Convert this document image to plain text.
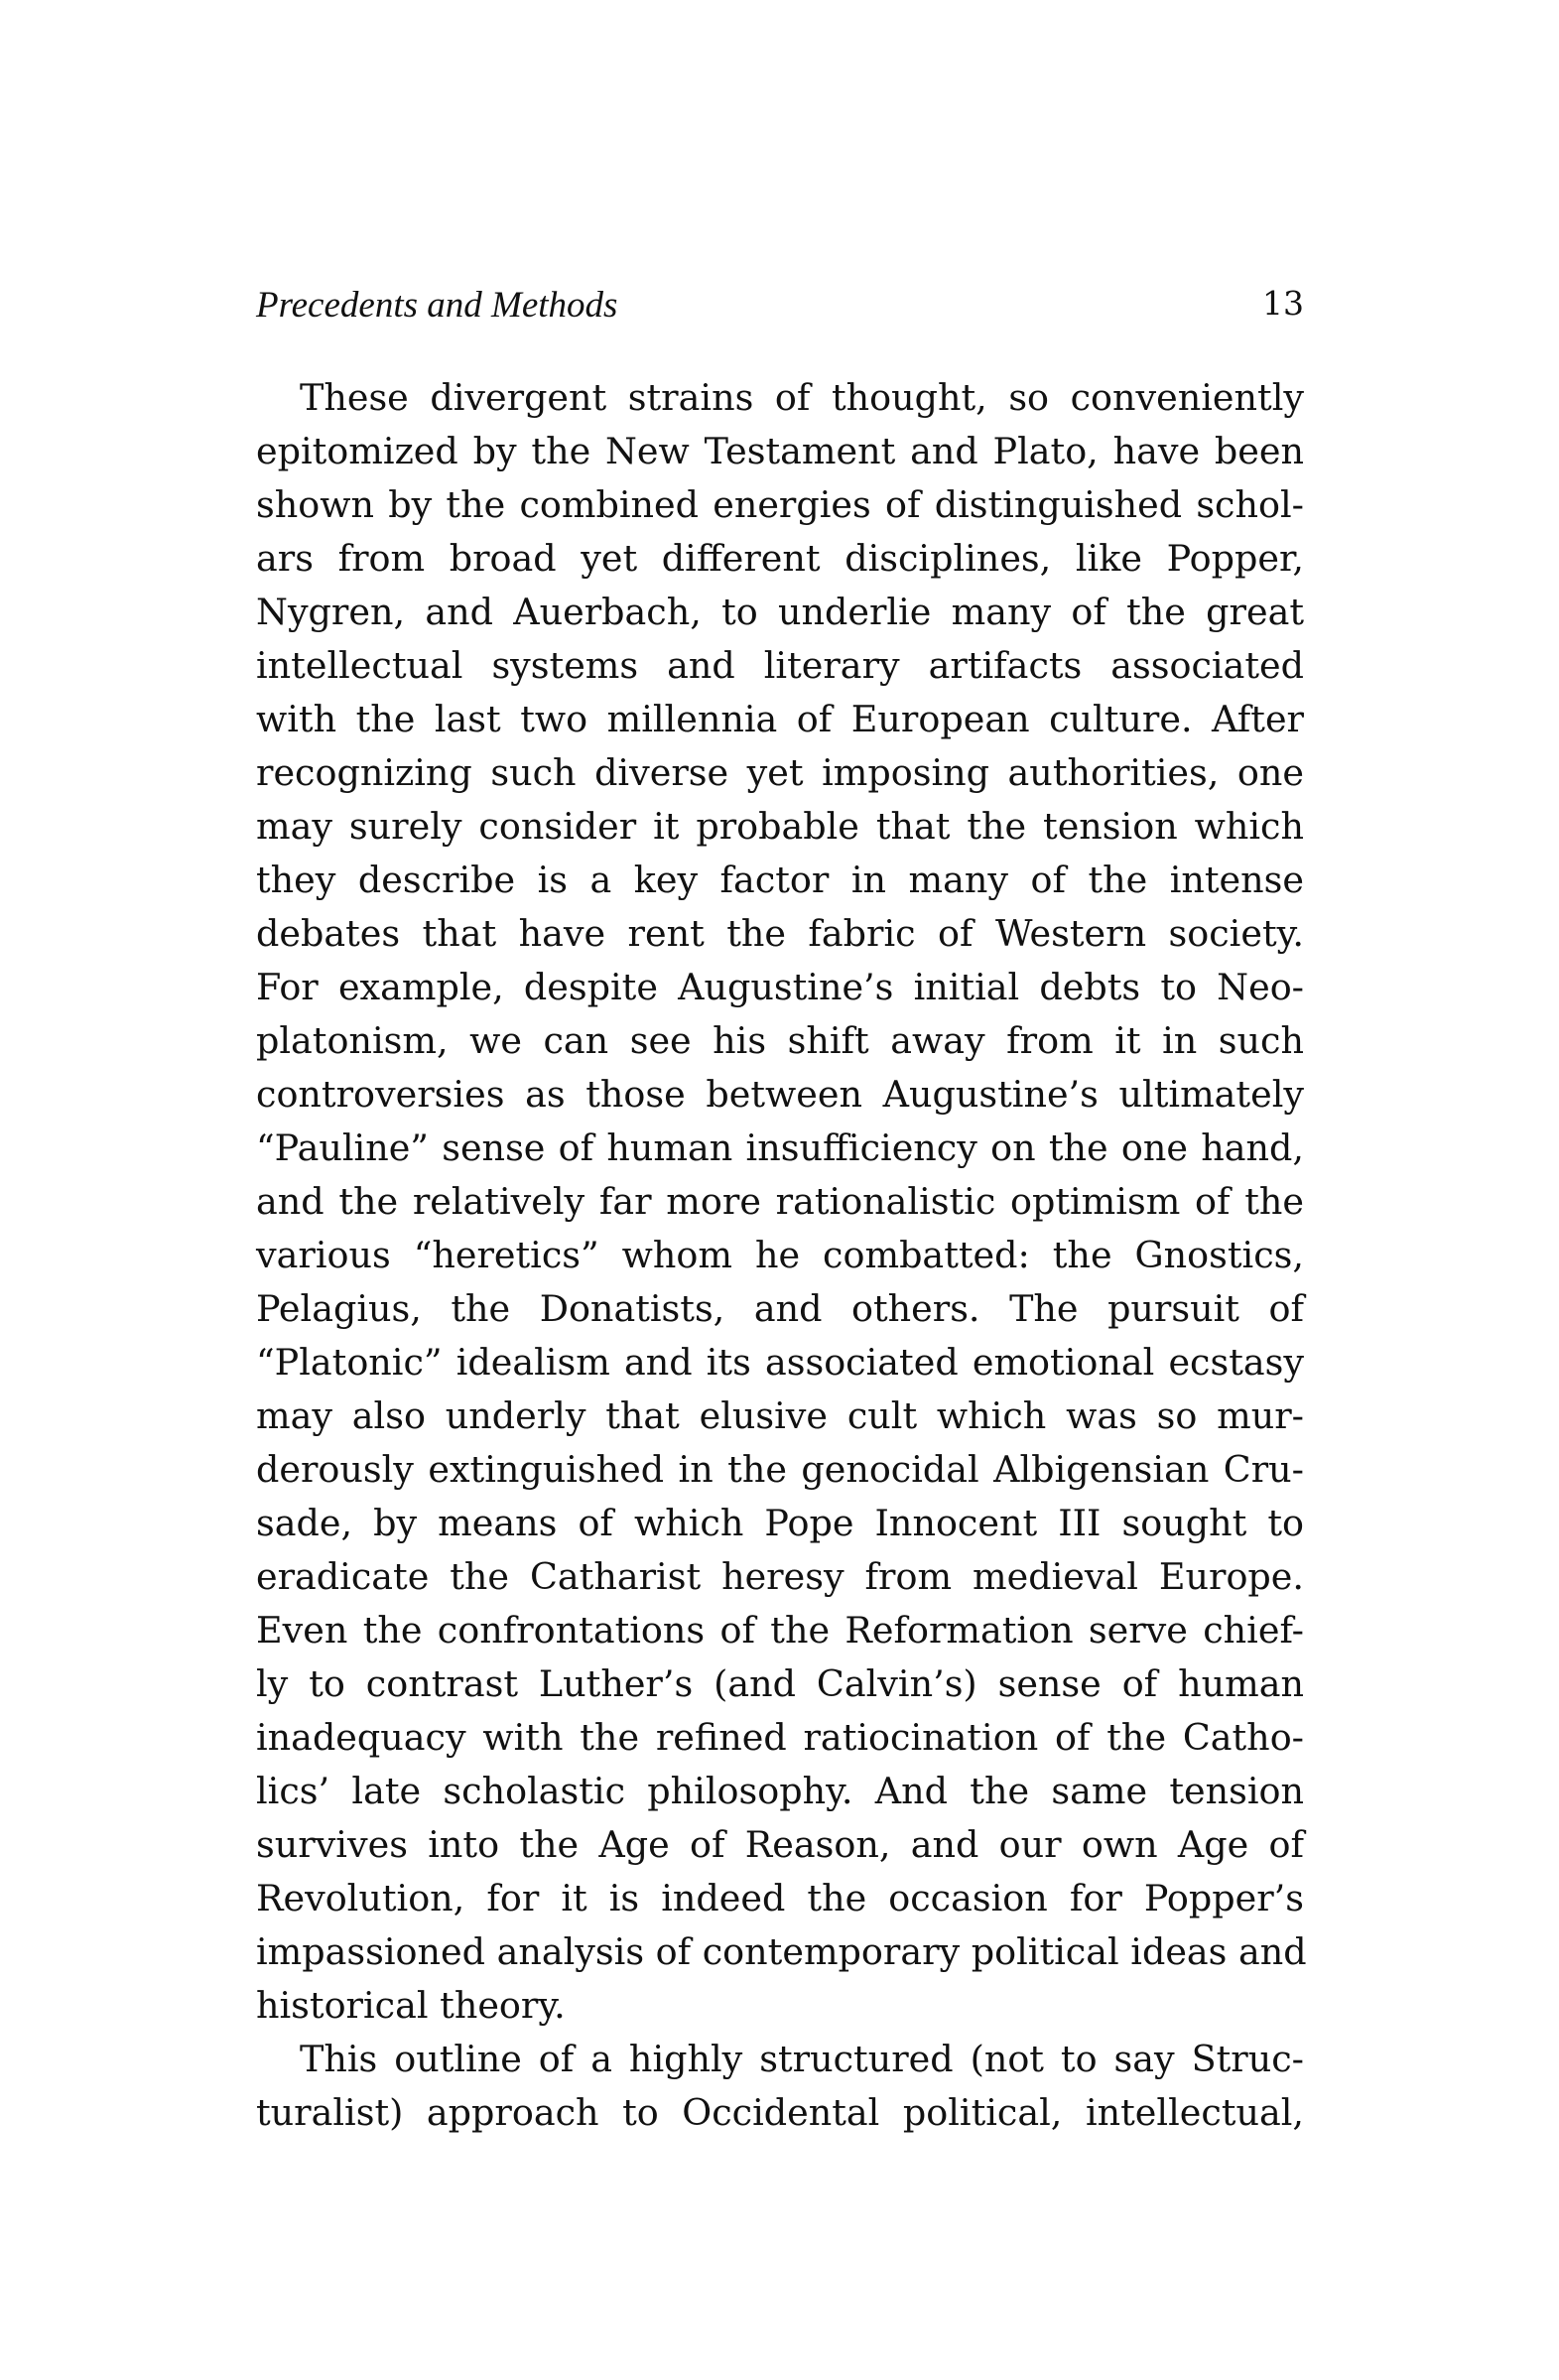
Precedents and Methods	13
These divergent strains of thought, so conveniently
epitomized by the New Testament and Plato, have been
shown by the combined energies of distinguished schol-
ars from broad yet different disciplines, like Popper,
Nygren, and Auerbach, to underlie many of the great
intellectual systems and literary artifacts associated
with the last two millennia of European culture. After
recognizing such diverse yet imposing authorities, one
may surely consider it probable that the tension which
they describe is a key factor in many of the intense
debates that have rent the fabric of Western society.
For example, despite Augustine’s initial debts to Neo-
platonism, we can see his shift away from it in such
controversies as those between Augustine’s ultimately
“Pauline” sense of human insufficiency on the one hand,
and the relatively far more rationalistic optimism of the
various “heretics” whom he combatted: the Gnostics,
Pelagius, the Donatists, and others. The pursuit of
“Platonic” idealism and its associated emotional ecstasy
may also underly that elusive cult which was so mur-
derously extinguished in the genocidal Albigensian Cru-
sade, by means of which Pope Innocent III sought to
eradicate the Catharist heresy from medieval Europe.
Even the confrontations of the Reformation serve chief-
ly to contrast Luther’s (and Calvin’s) sense of human
inadequacy with the refined ratiocination of the Catho-
lics’ late scholastic philosophy. And the same tension
survives into the Age of Reason, and our own Age of
Revolution, for it is indeed the occasion for Popper’s
impassioned analysis of contemporary political ideas and
historical theory.
This outline of a highly structured (not to say Struc-
turalist) approach to Occidental political, intellectual,
